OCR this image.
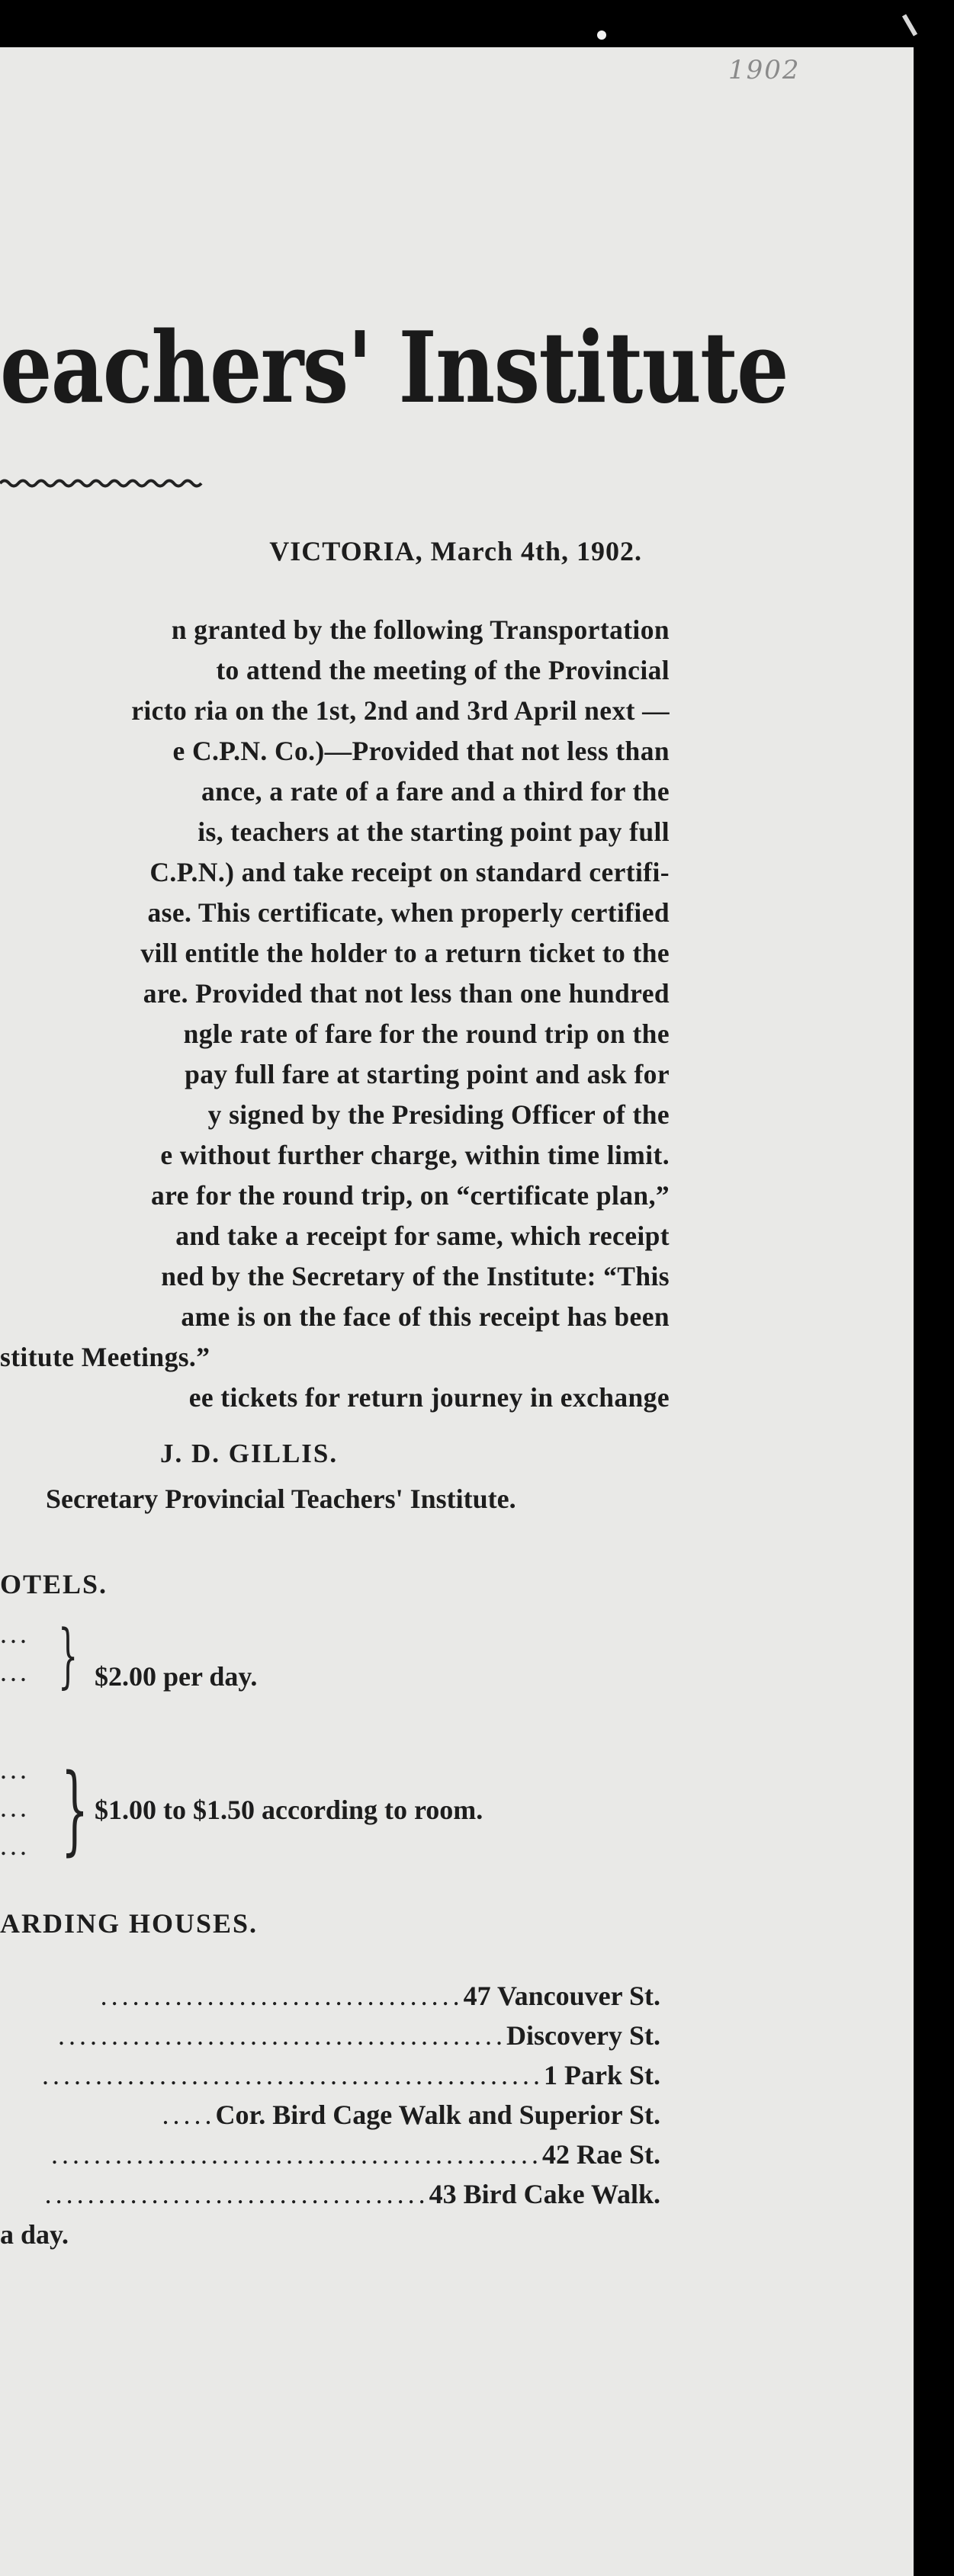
1902
eachers' Institute
VICTORIA, March 4th, 1902.
n granted by the following Transportation
to attend the meeting of the Provincial
ricto ria on the 1st, 2nd and 3rd April next —
e C.P.N. Co.)—Provided that not less than
ance, a rate of a fare and a third for the
is, teachers at the starting point pay full
C.P.N.) and take receipt on standard certifi-
ase. This certificate, when properly certified
vill entitle the holder to a return ticket to the
are. Provided that not less than one hundred
ngle rate of fare for the round trip on the
pay full fare at starting point and ask for
y signed by the Presiding Officer of the
e without further charge, within time limit.
are for the round trip, on “certificate plan,”
and take a receipt for same, which receipt
ned by the Secretary of the Institute: “This
ame is on the face of this receipt has been
stitute Meetings.”
ee tickets for return journey in exchange
J. D. GILLIS.
Secretary Provincial Teachers' Institute.
OTELS.
...
... } $2.00 per day.
...
...
... } $1.00 to $1.50 according to room.
ARDING HOUSES.
.................................. 47 Vancouver St.
.......................................... Discovery St.
............................................... 1 Park St.
..... Cor. Bird Cage Walk and Superior St.
.............................................. 42 Rae St.
.................................... 43 Bird Cake Walk.
a day.
